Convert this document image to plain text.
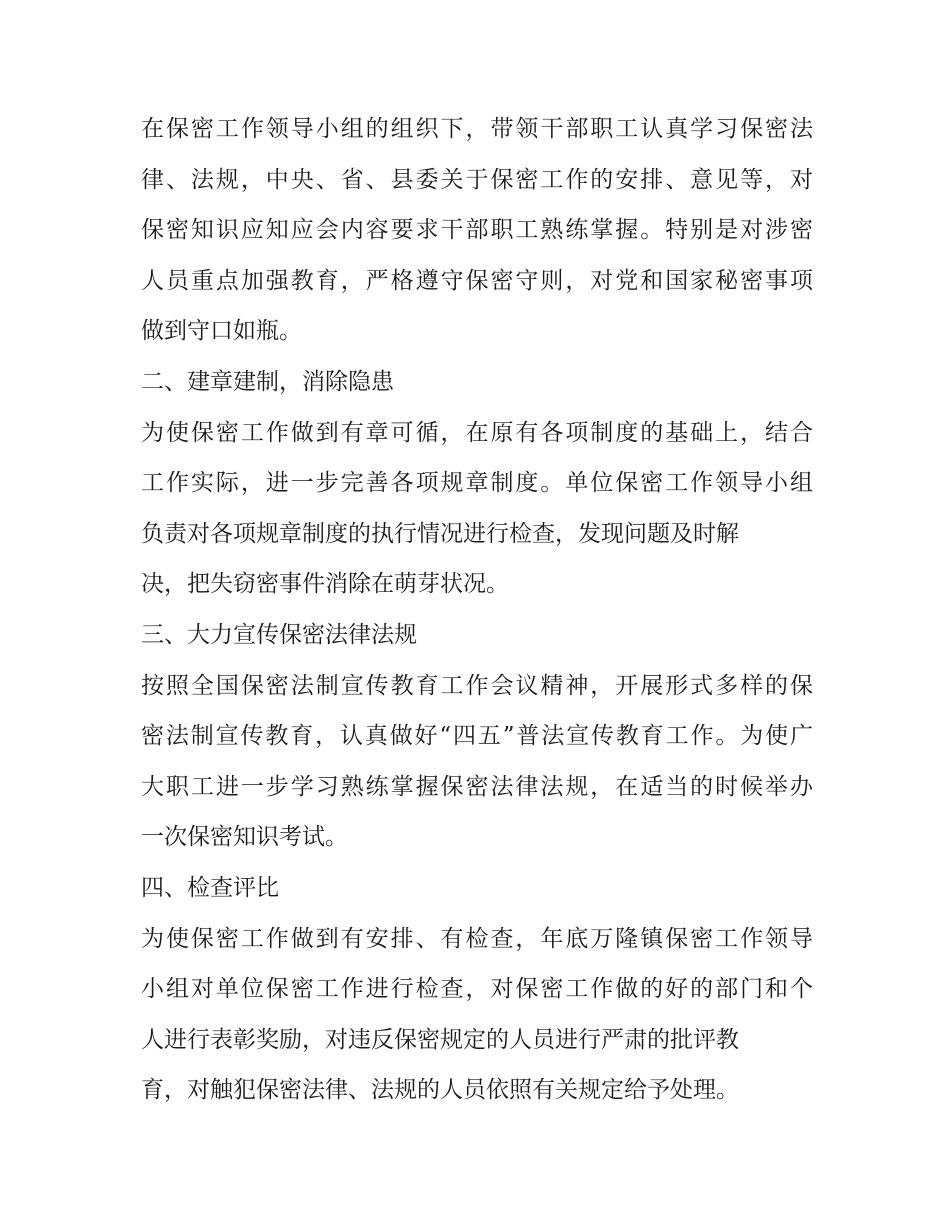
在保密工作领导小组的组织下，带领干部职工认真学习保密法
律、法规，中央、省、县委关于保密工作的安排、意见等，对
保密知识应知应会内容要求干部职工熟练掌握。特别是对涉密
人员重点加强教育，严格遵守保密守则，对党和国家秘密事项
做到守口如瓶。
二、建章建制，消除隐患
为使保密工作做到有章可循，在原有各项制度的基础上，结合
工作实际，进一步完善各项规章制度。单位保密工作领导小组
负责对各项规章制度的执行情况进行检查，发现问题及时解
决，把失窃密事件消除在萌芽状况。
三、大力宣传保密法律法规
按照全国保密法制宣传教育工作会议精神，开展形式多样的保
密法制宣传教育，认真做好“四五”普法宣传教育工作。为使广
大职工进一步学习熟练掌握保密法律法规，在适当的时候举办
一次保密知识考试。
四、检查评比
为使保密工作做到有安排、有检查，年底万隆镇保密工作领导
小组对单位保密工作进行检查，对保密工作做的好的部门和个
人进行表彰奖励，对违反保密规定的人员进行严肃的批评教
育，对触犯保密法律、法规的人员依照有关规定给予处理。
